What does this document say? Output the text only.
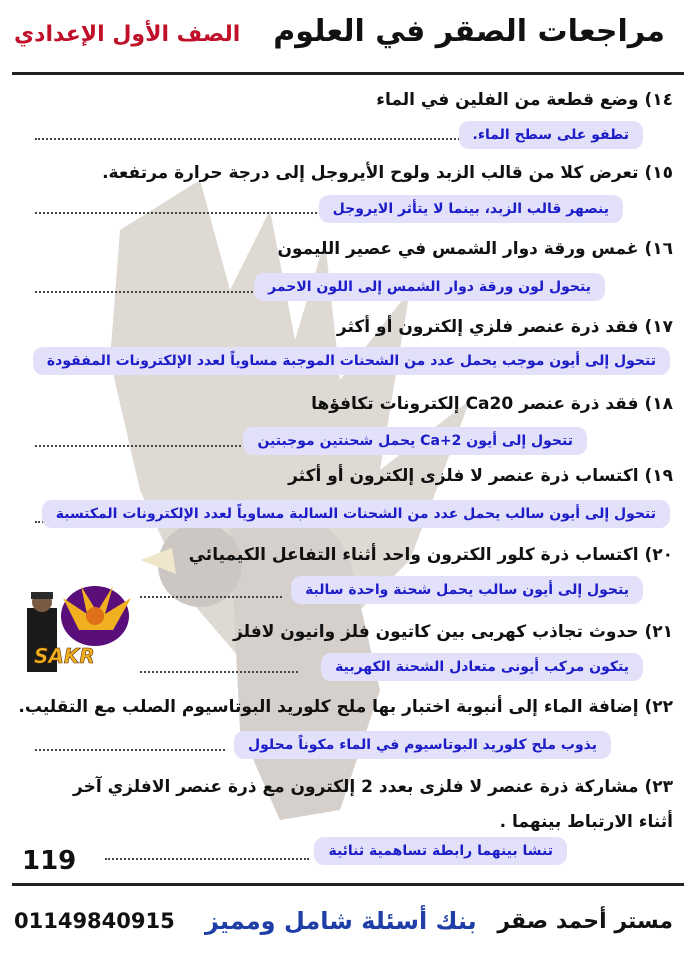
مراجعات الصقر في العلوم
الصف الأول الإعدادي
١٤) وضع قطعة من الفلين في الماء
تطفو على سطح الماء.
١٥) تعرض كلا من قالب الزبد ولوح الأيروجل إلى درجة حرارة مرتفعة.
ينصهر قالب الزبد، بينما لا يتأثر الايروجل
١٦) غمس ورقة دوار الشمس في عصير الليمون
يتحول لون ورقة دوار الشمس إلى اللون الاحمر
١٧) فقد ذرة عنصر فلزي إلكترون أو أكثر
تتحول إلى أيون موجب يحمل عدد من الشحنات الموجبة مساوياً لعدد الإلكترونات المفقودة
١٨) فقد ذرة عنصر Ca20 إلكترونات تكافؤها
تتحول إلى أيون Ca+2 يحمل شحنتين موجبتين
١٩) اكتساب ذرة عنصر لا فلزى إلكترون أو أكثر
تتحول إلى أيون سالب يحمل عدد من الشحنات السالبة مساوياً لعدد الإلكترونات المكتسبة
٢٠) اكتساب ذرة كلور الكترون واحد أثناء التفاعل الكيميائي
يتحول إلى أيون سالب يحمل شحنة واحدة سالبة
٢١) حدوث تجاذب كهربى بين كاتيون فلز وانيون لافلز
يتكون مركب أيونى متعادل الشحنة الكهربية
٢٢) إضافة الماء إلى أنبوبة اختبار بها ملح كلوريد البوتاسيوم الصلب مع التقليب.
يذوب ملح كلوريد البوتاسيوم في الماء مكوناً محلول
٢٣) مشاركة ذرة عنصر لا فلزى بعدد 2 إلكترون مع ذرة عنصر الافلزي آخر أثناء الارتباط بينهما .
تنشا بينهما رابطة تساهمية ثنائية
119
SAKR
مستر أحمد صقر
بنك أسئلة شامل ومميز
01149840915
